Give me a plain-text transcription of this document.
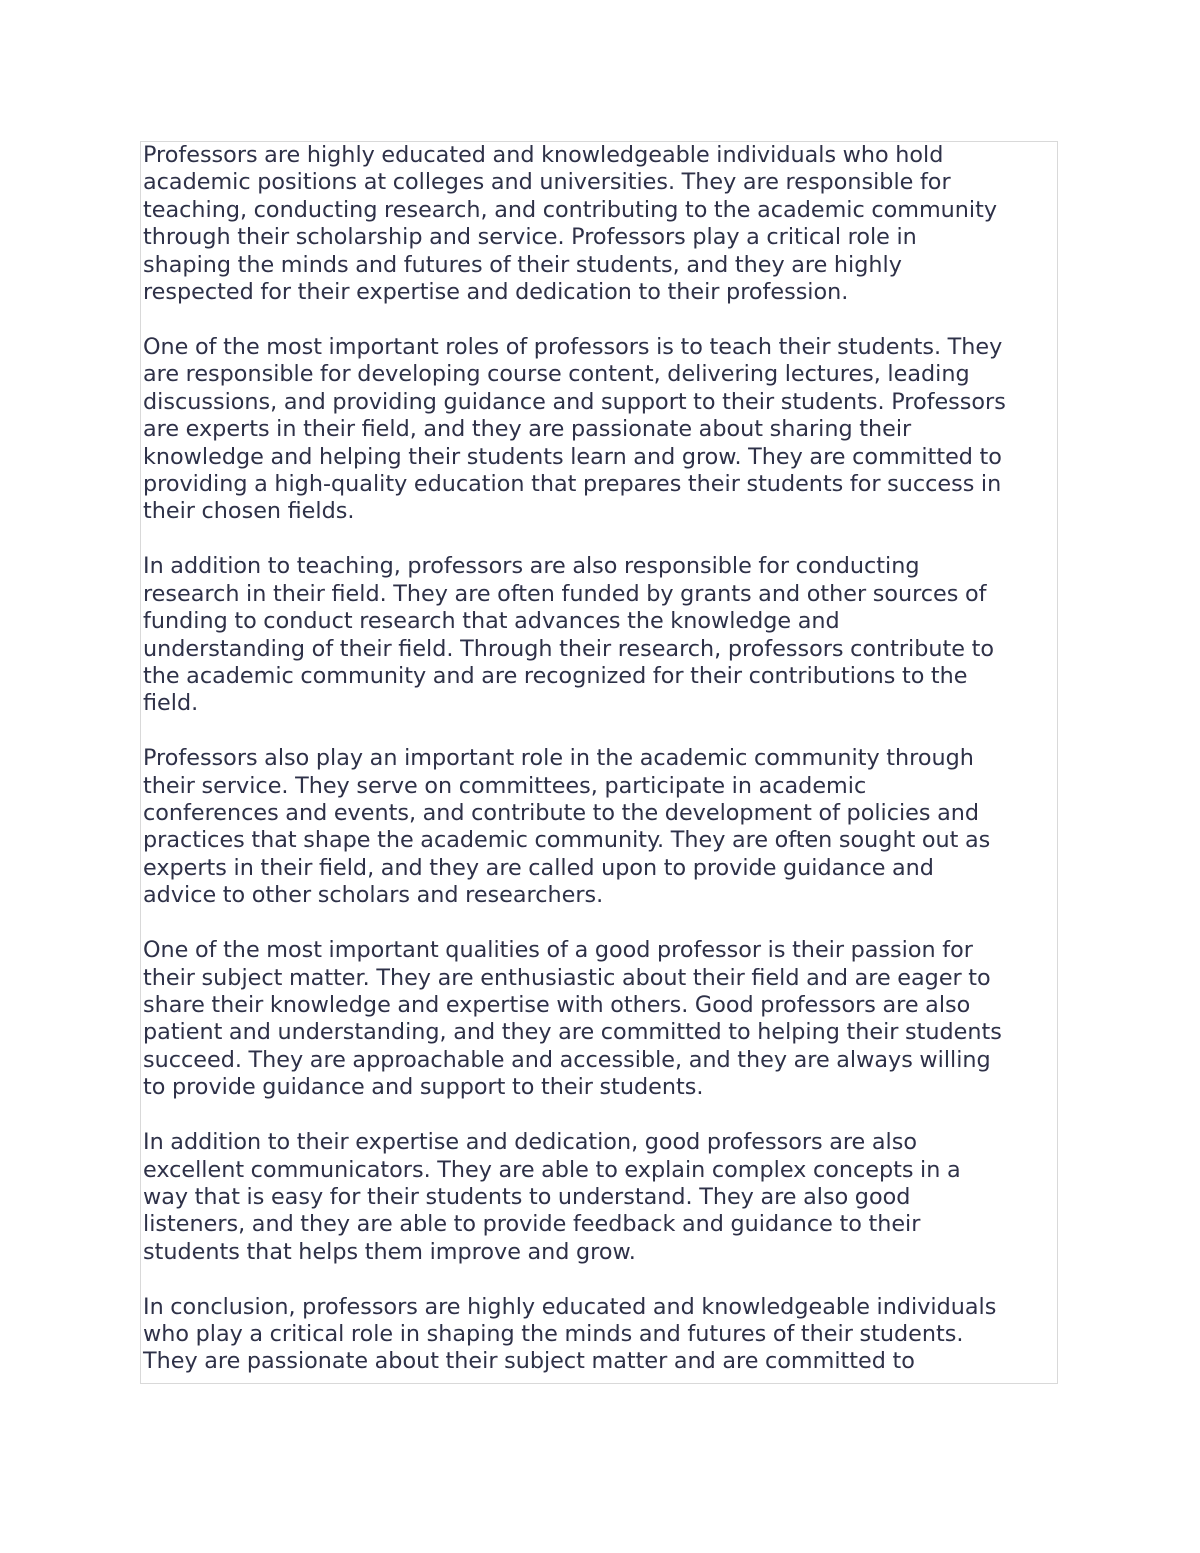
Professors are highly educated and knowledgeable individuals who hold
academic positions at colleges and universities. They are responsible for
teaching, conducting research, and contributing to the academic community
through their scholarship and service. Professors play a critical role in
shaping the minds and futures of their students, and they are highly
respected for their expertise and dedication to their profession.

One of the most important roles of professors is to teach their students. They
are responsible for developing course content, delivering lectures, leading
discussions, and providing guidance and support to their students. Professors
are experts in their field, and they are passionate about sharing their
knowledge and helping their students learn and grow. They are committed to
providing a high-quality education that prepares their students for success in
their chosen fields.

In addition to teaching, professors are also responsible for conducting
research in their field. They are often funded by grants and other sources of
funding to conduct research that advances the knowledge and
understanding of their field. Through their research, professors contribute to
the academic community and are recognized for their contributions to the
field.

Professors also play an important role in the academic community through
their service. They serve on committees, participate in academic
conferences and events, and contribute to the development of policies and
practices that shape the academic community. They are often sought out as
experts in their field, and they are called upon to provide guidance and
advice to other scholars and researchers.

One of the most important qualities of a good professor is their passion for
their subject matter. They are enthusiastic about their field and are eager to
share their knowledge and expertise with others. Good professors are also
patient and understanding, and they are committed to helping their students
succeed. They are approachable and accessible, and they are always willing
to provide guidance and support to their students.

In addition to their expertise and dedication, good professors are also
excellent communicators. They are able to explain complex concepts in a
way that is easy for their students to understand. They are also good
listeners, and they are able to provide feedback and guidance to their
students that helps them improve and grow.

In conclusion, professors are highly educated and knowledgeable individuals
who play a critical role in shaping the minds and futures of their students.
They are passionate about their subject matter and are committed to
